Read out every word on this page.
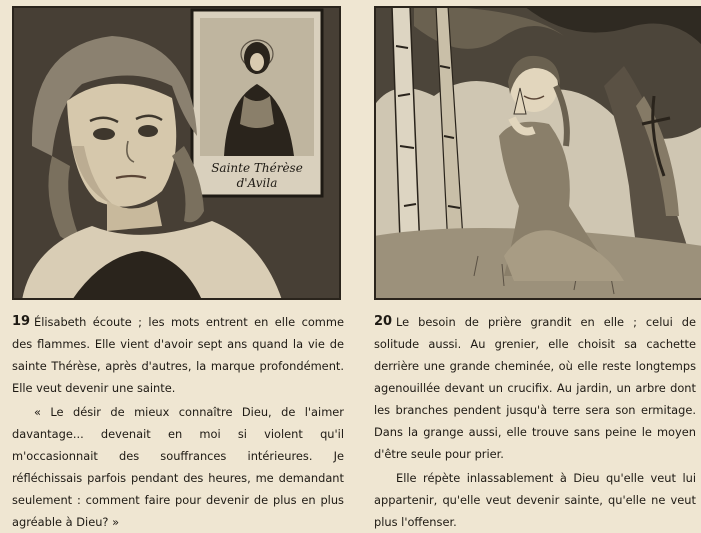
Sainte Thérèse
d'Avila
19 Élisabeth écoute ; les mots entrent en elle comme des flammes. Elle vient d'avoir sept ans quand la vie de sainte Thérèse, après d'autres, la marque profondément. Elle veut devenir une sainte.

« Le désir de mieux connaître Dieu, de l'aimer davantage... devenait en moi si violent qu'il m'occasionnait des souffrances intérieures. Je réfléchissais parfois pendant des heures, me demandant seulement : comment faire pour devenir de plus en plus agréable à Dieu? »

20 Le besoin de prière grandit en elle ; celui de solitude aussi. Au grenier, elle choisit sa cachette derrière une grande cheminée, où elle reste longtemps agenouillée devant un crucifix. Au jardin, un arbre dont les branches pendent jusqu'à terre sera son ermitage. Dans la grange aussi, elle trouve sans peine le moyen d'être seule pour prier.

Elle répète inlassablement à Dieu qu'elle veut lui appartenir, qu'elle veut devenir sainte, qu'elle ne veut plus l'offenser.
